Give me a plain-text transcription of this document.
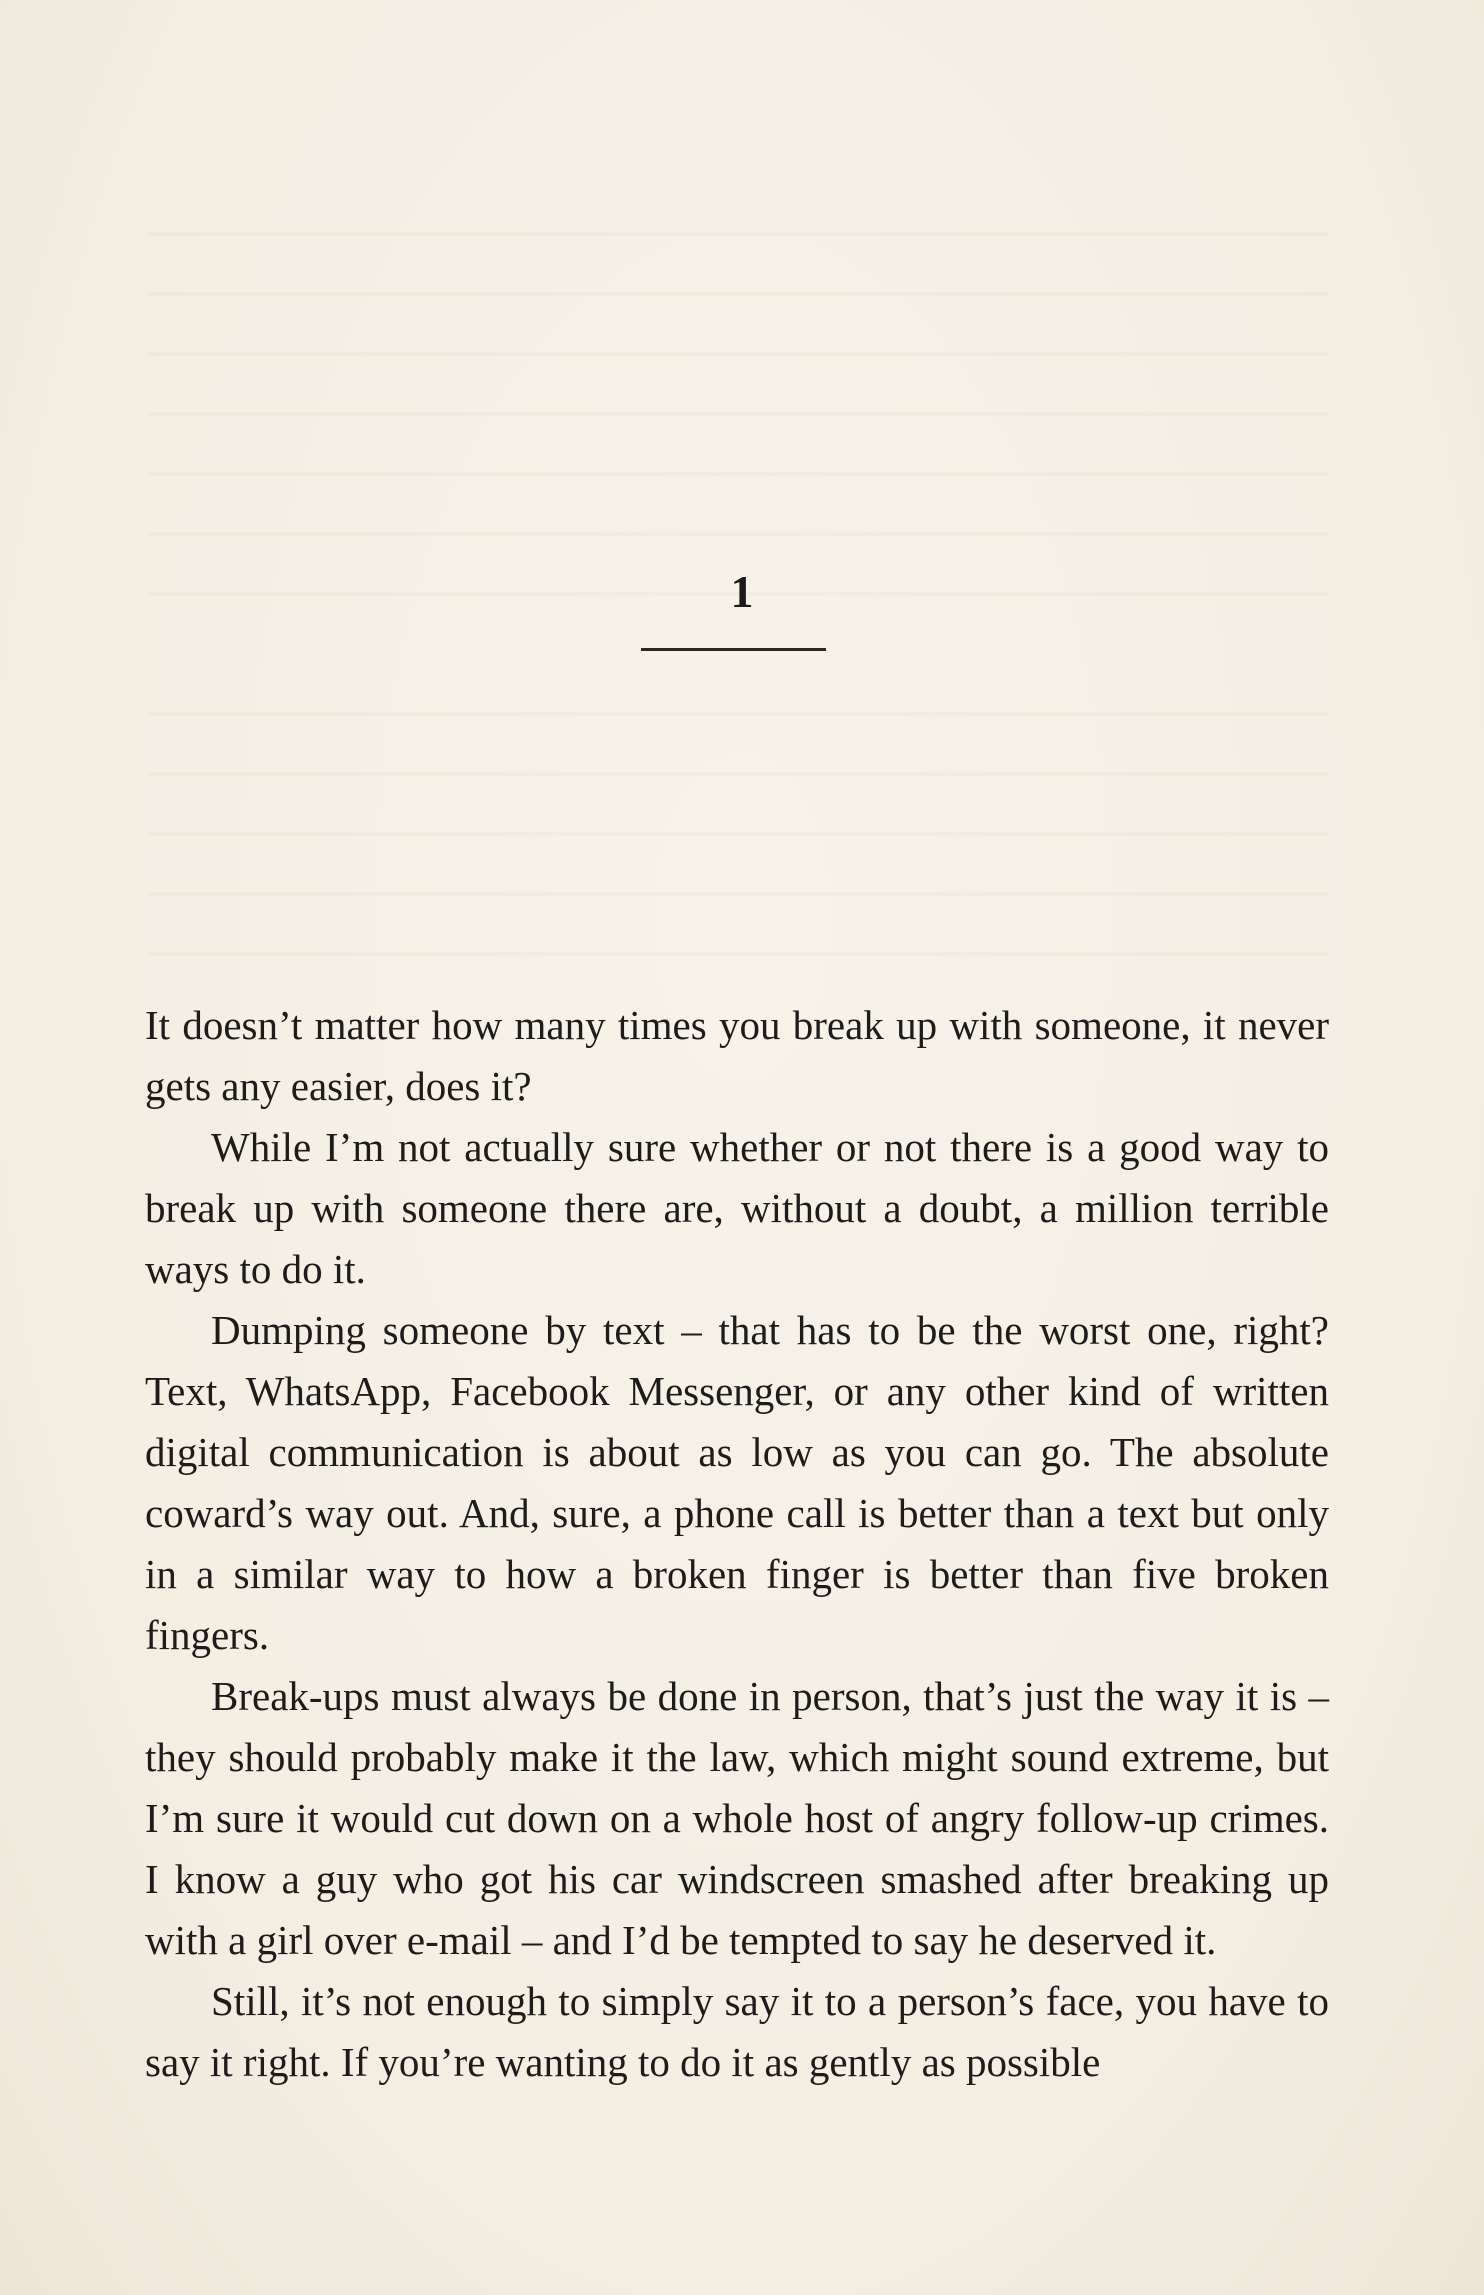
1

It doesn’t matter how many times you break up with someone, it never gets any easier, does it?

While I’m not actually sure whether or not there is a good way to break up with someone there are, without a doubt, a million terrible ways to do it.

Dumping someone by text – that has to be the worst one, right? Text, WhatsApp, Facebook Messenger, or any other kind of written digital communication is about as low as you can go. The absolute coward’s way out. And, sure, a phone call is better than a text but only in a similar way to how a broken finger is better than five broken fingers.

Break-ups must always be done in person, that’s just the way it is – they should probably make it the law, which might sound extreme, but I’m sure it would cut down on a whole host of angry follow-up crimes. I know a guy who got his car windscreen smashed after breaking up with a girl over e-mail – and I’d be tempted to say he deserved it.

Still, it’s not enough to simply say it to a person’s face, you have to say it right. If you’re wanting to do it as gently as possible
